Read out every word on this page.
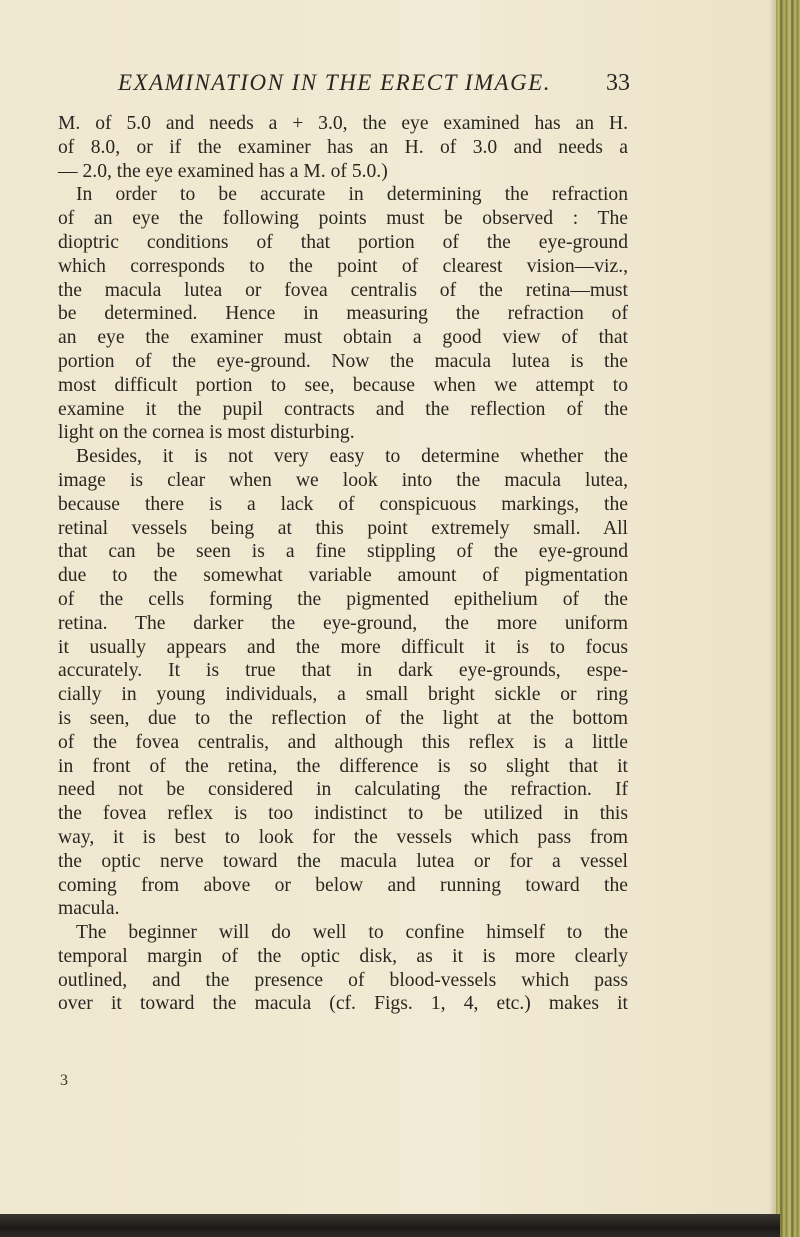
EXAMINATION IN THE ERECT IMAGE.	33
M. of 5.0 and needs a + 3.0, the eye examined has an H.
of 8.0, or if the examiner has an H. of 3.0 and needs a
— 2.0, the eye examined has a M. of 5.0.)
In order to be accurate in determining the refraction
of an eye the following points must be observed : The
dioptric conditions of that portion of the eye-ground
which corresponds to the point of clearest vision—viz.,
the macula lutea or fovea centralis of the retina—must
be determined. Hence in measuring the refraction of
an eye the examiner must obtain a good view of that
portion of the eye-ground. Now the macula lutea is the
most difficult portion to see, because when we attempt to
examine it the pupil contracts and the reflection of the
light on the cornea is most disturbing.
Besides, it is not very easy to determine whether the
image is clear when we look into the macula lutea,
because there is a lack of conspicuous markings, the
retinal vessels being at this point extremely small. All
that can be seen is a fine stippling of the eye-ground
due to the somewhat variable amount of pigmentation
of the cells forming the pigmented epithelium of the
retina. The darker the eye-ground, the more uniform
it usually appears and the more difficult it is to focus
accurately. It is true that in dark eye-grounds, espe-
cially in young individuals, a small bright sickle or ring
is seen, due to the reflection of the light at the bottom
of the fovea centralis, and although this reflex is a little
in front of the retina, the difference is so slight that it
need not be considered in calculating the refraction. If
the fovea reflex is too indistinct to be utilized in this
way, it is best to look for the vessels which pass from
the optic nerve toward the macula lutea or for a vessel
coming from above or below and running toward the
macula.
The beginner will do well to confine himself to the
temporal margin of the optic disk, as it is more clearly
outlined, and the presence of blood-vessels which pass
over it toward the macula (cf. Figs. 1, 4, etc.) makes it
3
